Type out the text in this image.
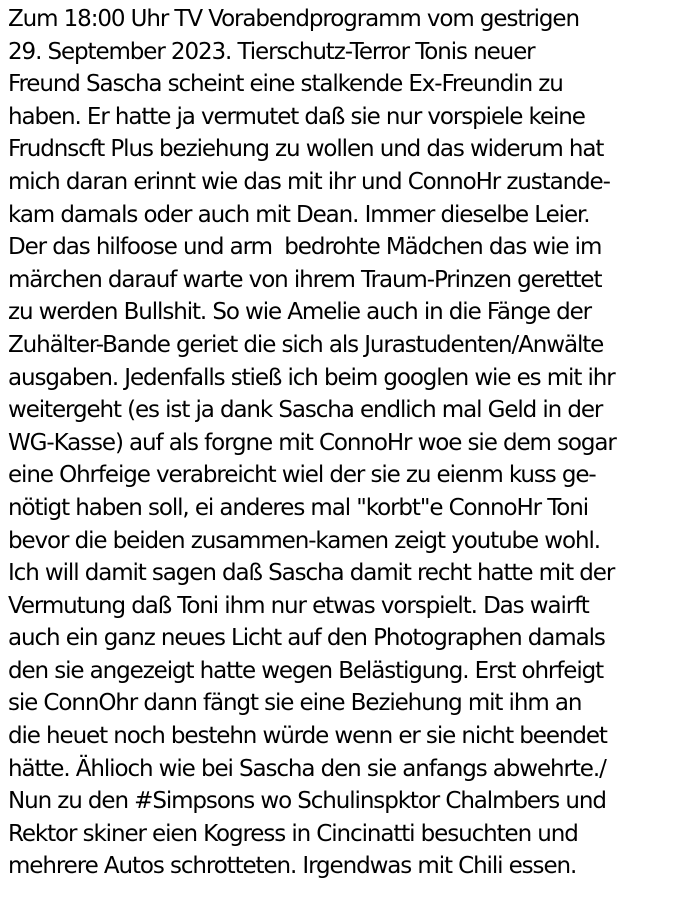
Zum 18:00 Uhr TV Vorabendprogramm vom gestrigen
29. September 2023. Tierschutz-Terror Tonis neuer
Freund Sascha scheint eine stalkende Ex-Freundin zu
haben. Er hatte ja vermutet daß sie nur vorspiele keine
Frudnscft Plus beziehung zu wollen und das widerum hat
mich daran erinnt wie das mit ihr und ConnoHr zustande-
kam damals oder auch mit Dean. Immer dieselbe Leier.
Der das hilfoose und arm  bedrohte Mädchen das wie im
märchen darauf warte von ihrem Traum-Prinzen gerettet
zu werden Bullshit. So wie Amelie auch in die Fänge der
Zuhälter-Bande geriet die sich als Jurastudenten/Anwälte
ausgaben. Jedenfalls stieß ich beim googlen wie es mit ihr
weitergeht (es ist ja dank Sascha endlich mal Geld in der
WG-Kasse) auf als forgne mit ConnoHr woe sie dem sogar
eine Ohrfeige verabreicht wiel der sie zu eienm kuss ge-
nötigt haben soll, ei anderes mal "korbt"e ConnoHr Toni
bevor die beiden zusammen-kamen zeigt youtube wohl.
Ich will damit sagen daß Sascha damit recht hatte mit der
Vermutung daß Toni ihm nur etwas vorspielt. Das wairft
auch ein ganz neues Licht auf den Photographen damals
den sie angezeigt hatte wegen Belästigung. Erst ohrfeigt
sie ConnOhr dann fängt sie eine Beziehung mit ihm an
die heuet noch bestehn würde wenn er sie nicht beendet
hätte. Ählioch wie bei Sascha den sie anfangs abwehrte./
Nun zu den #Simpsons wo Schulinspktor Chalmbers und
Rektor skiner eien Kogress in Cincinatti besuchten und
mehrere Autos schrotteten. Irgendwas mit Chili essen.
